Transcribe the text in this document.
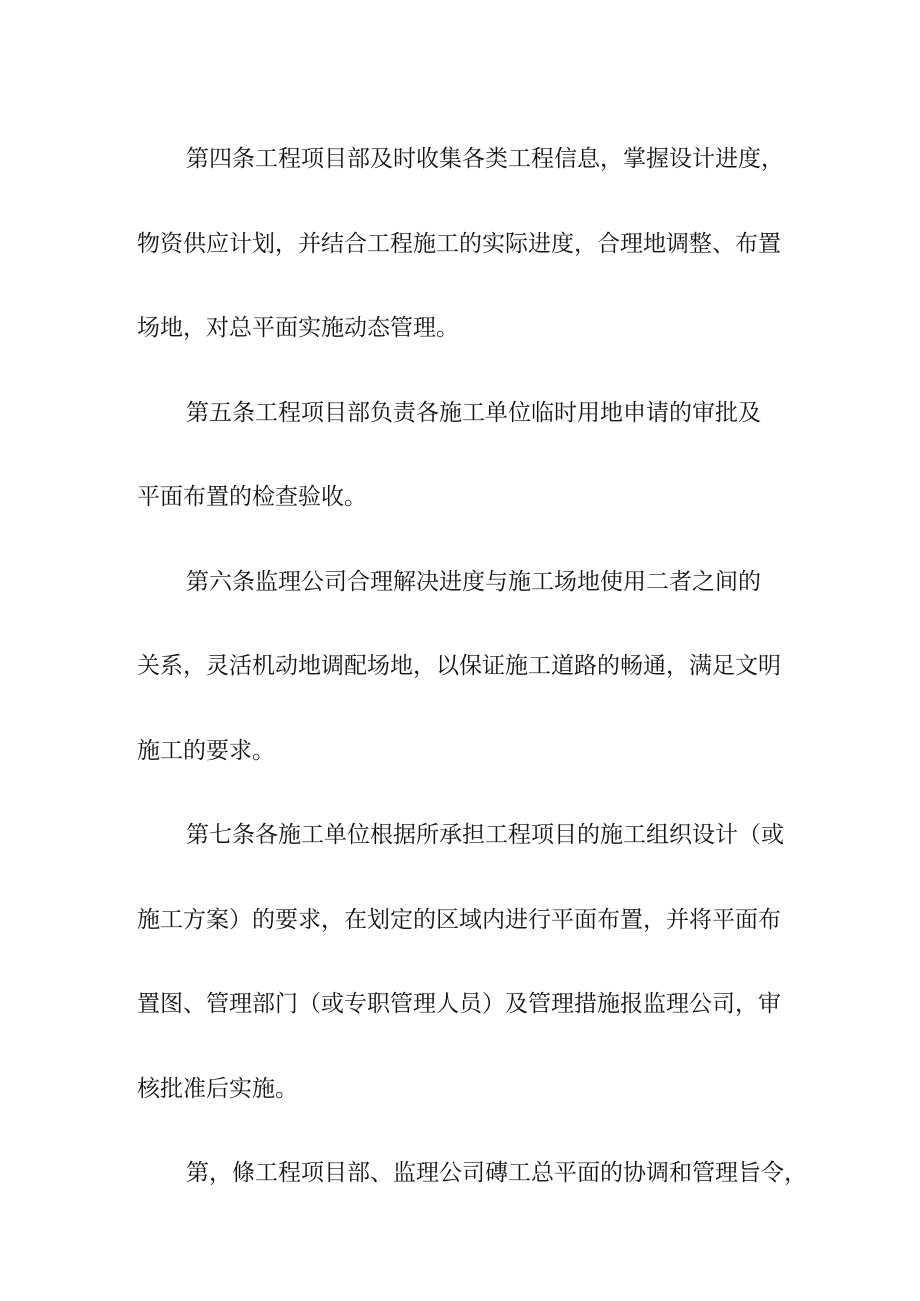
第四条工程项目部及时收集各类工程信息，掌握设计进度，
物资供应计划，并结合工程施工的实际进度，合理地调整、布置
场地，对总平面实施动态管理。
第五条工程项目部负责各施工单位临时用地申请的审批及
平面布置的检查验收。
第六条监理公司合理解决进度与施工场地使用二者之间的
关系，灵活机动地调配场地，以保证施工道路的畅通，满足文明
施工的要求。
第七条各施工单位根据所承担工程项目的施工组织设计（或
施工方案）的要求，在划定的区域内进行平面布置，并将平面布
置图、管理部门（或专职管理人员）及管理措施报监理公司，审
核批准后实施。
第，條工程项目部、监理公司磚工总平面的协调和管理旨令，
